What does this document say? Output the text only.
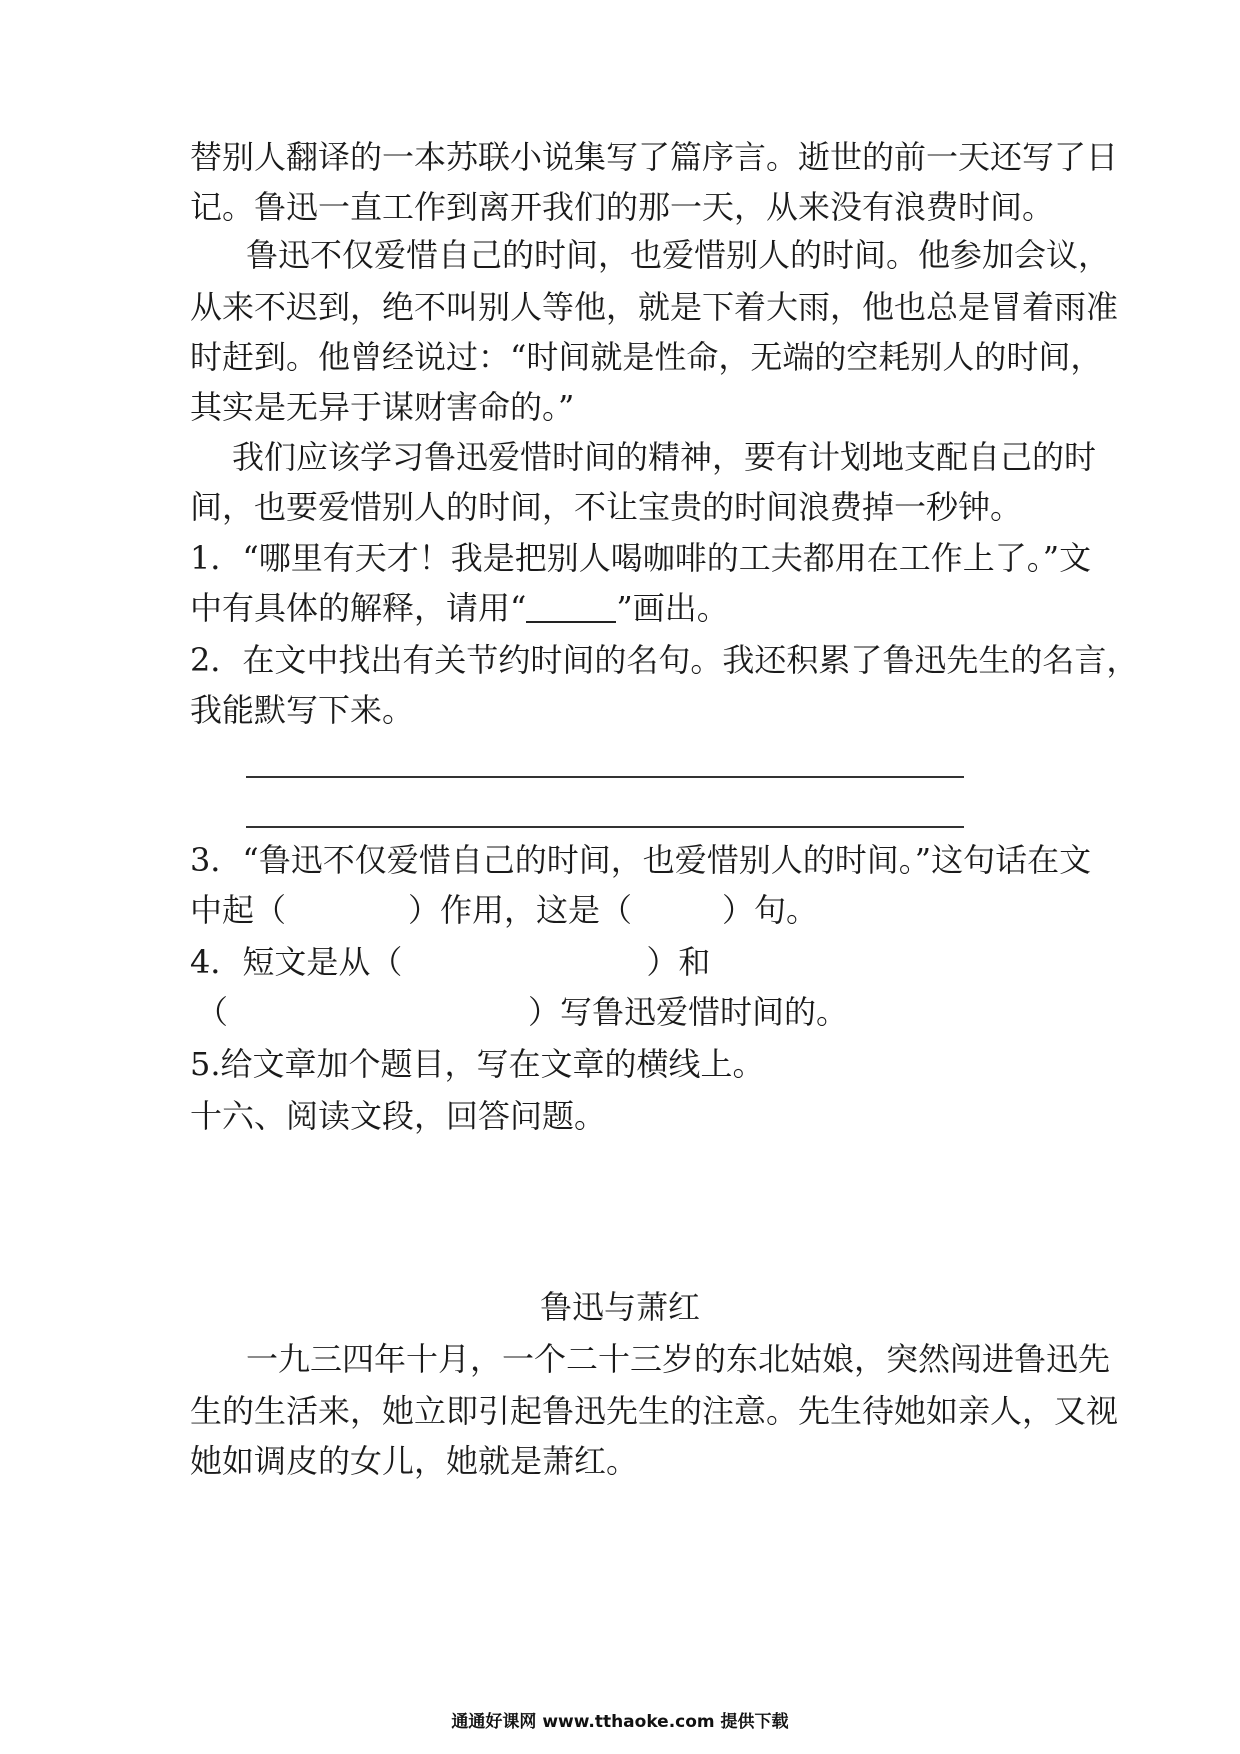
替别人翻译的一本苏联小说集写了篇序言。逝世的前一天还写了日
记。鲁迅一直工作到离开我们的那一天，从来没有浪费时间。
鲁迅不仅爱惜自己的时间，也爱惜别人的时间。他参加会议，
从来不迟到，绝不叫别人等他，就是下着大雨，他也总是冒着雨准
时赶到。他曾经说过：“时间就是性命，无端的空耗别人的时间，
其实是无异于谋财害命的。”
我们应该学习鲁迅爱惜时间的精神，要有计划地支配自己的时
间，也要爱惜别人的时间，不让宝贵的时间浪费掉一秒钟。
1．“哪里有天才！我是把别人喝咖啡的工夫都用在工作上了。”文
中有具体的解释，请用“	”画出。
2．在文中找出有关节约时间的名句。我还积累了鲁迅先生的名言，
我能默写下来。
3．“鲁迅不仅爱惜自己的时间，也爱惜别人的时间。”这句话在文
中起（	）作用，这是（	）句。
4．短文是从（	）和
（	）写鲁迅爱惜时间的。
5.给文章加个题目，写在文章的横线上。
十六、阅读文段，回答问题。
鲁迅与萧红
一九三四年十月，一个二十三岁的东北姑娘，突然闯进鲁迅先
生的生活来，她立即引起鲁迅先生的注意。先生待她如亲人，又视
她如调皮的女儿，她就是萧红。
通通好课网 www.tthaoke.com 提供下载
